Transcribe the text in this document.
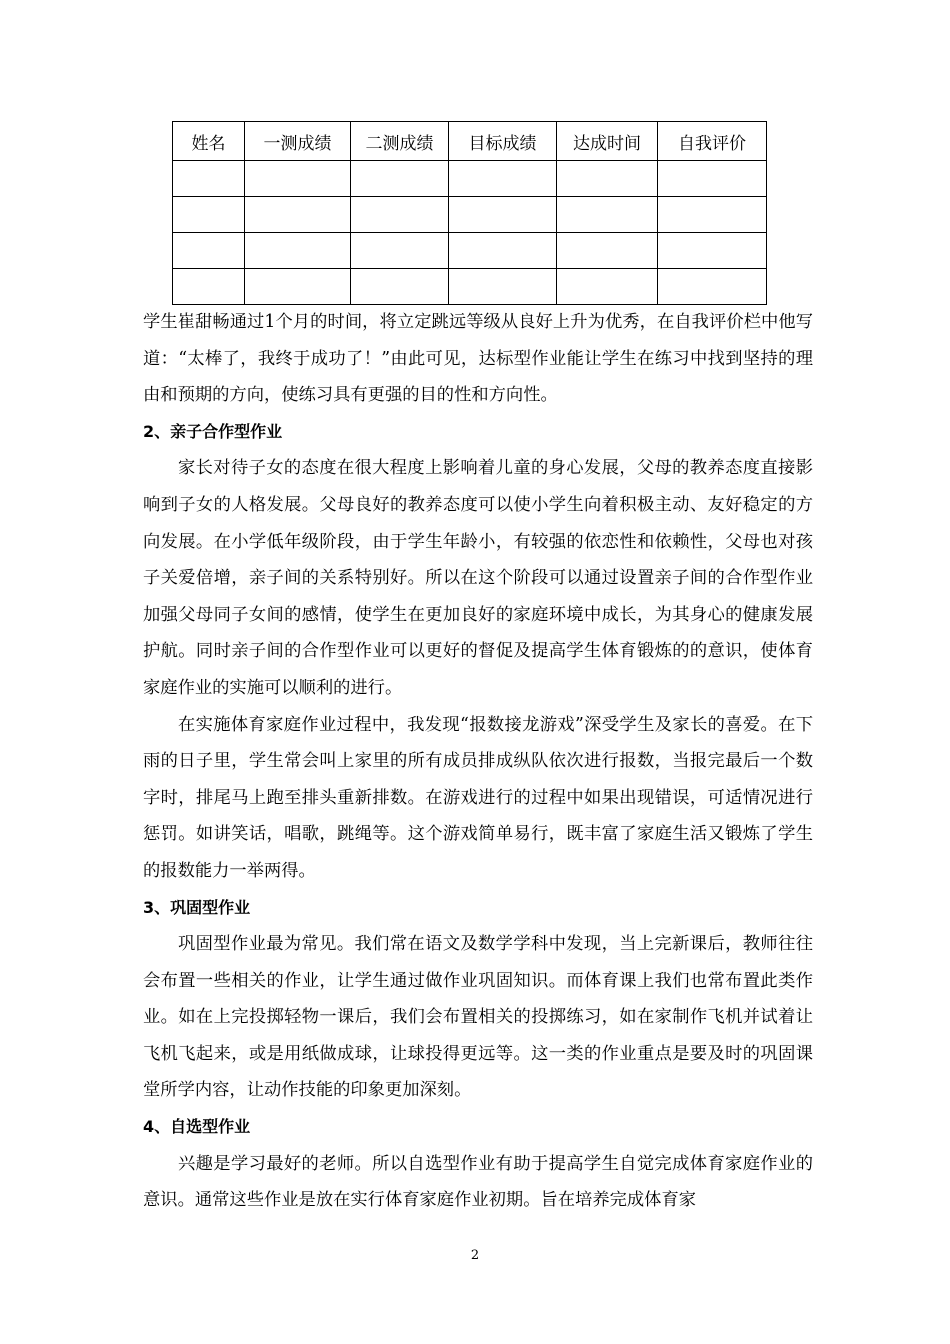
姓名	一测成绩	二测成绩	目标成绩	达成时间	自我评价

学生崔甜畅通过1个月的时间，将立定跳远等级从良好上升为优秀，在自我评价栏中他写道：“太棒了，我终于成功了！”由此可见，达标型作业能让学生在练习中找到坚持的理由和预期的方向，使练习具有更强的目的性和方向性。

2、亲子合作型作业

家长对待子女的态度在很大程度上影响着儿童的身心发展，父母的教养态度直接影响到子女的人格发展。父母良好的教养态度可以使小学生向着积极主动、友好稳定的方向发展。在小学低年级阶段，由于学生年龄小，有较强的依恋性和依赖性，父母也对孩子关爱倍增，亲子间的关系特别好。所以在这个阶段可以通过设置亲子间的合作型作业加强父母同子女间的感情，使学生在更加良好的家庭环境中成长，为其身心的健康发展护航。同时亲子间的合作型作业可以更好的督促及提高学生体育锻炼的的意识，使体育家庭作业的实施可以顺利的进行。

在实施体育家庭作业过程中，我发现“报数接龙游戏”深受学生及家长的喜爱。在下雨的日子里，学生常会叫上家里的所有成员排成纵队依次进行报数，当报完最后一个数字时，排尾马上跑至排头重新排数。在游戏进行的过程中如果出现错误，可适情况进行惩罚。如讲笑话，唱歌，跳绳等。这个游戏简单易行，既丰富了家庭生活又锻炼了学生的报数能力一举两得。

3、巩固型作业

巩固型作业最为常见。我们常在语文及数学学科中发现，当上完新课后，教师往往会布置一些相关的作业，让学生通过做作业巩固知识。而体育课上我们也常布置此类作业。如在上完投掷轻物一课后，我们会布置相关的投掷练习，如在家制作飞机并试着让飞机飞起来，或是用纸做成球，让球投得更远等。这一类的作业重点是要及时的巩固课堂所学内容，让动作技能的印象更加深刻。

4、自选型作业

兴趣是学习最好的老师。所以自选型作业有助于提高学生自觉完成体育家庭作业的意识。通常这些作业是放在实行体育家庭作业初期。旨在培养完成体育家

2
